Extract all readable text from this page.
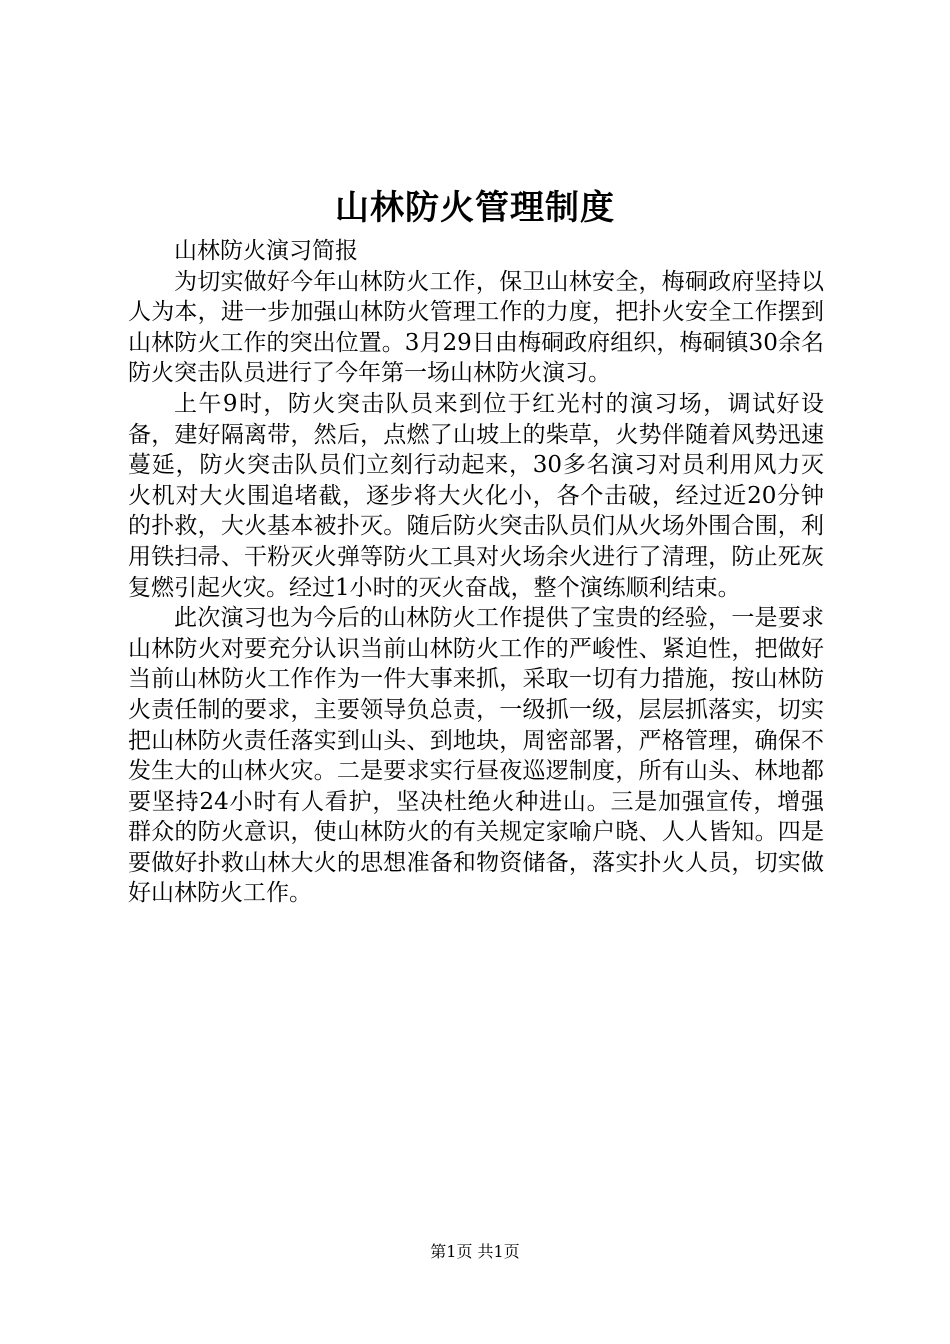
山林防火管理制度

山林防火演习简报

为切实做好今年山林防火工作，保卫山林安全，梅硐政府坚持以人为本，进一步加强山林防火管理工作的力度，把扑火安全工作摆到山林防火工作的突出位置。3月29日由梅硐政府组织，梅硐镇30余名防火突击队员进行了今年第一场山林防火演习。

上午9时，防火突击队员来到位于红光村的演习场，调试好设备，建好隔离带，然后，点燃了山坡上的柴草，火势伴随着风势迅速蔓延，防火突击队员们立刻行动起来，30多名演习对员利用风力灭火机对大火围追堵截，逐步将大火化小，各个击破，经过近20分钟的扑救，大火基本被扑灭。随后防火突击队员们从火场外围合围，利用铁扫帚、干粉灭火弹等防火工具对火场余火进行了清理，防止死灰复燃引起火灾。经过1小时的灭火奋战，整个演练顺利结束。

此次演习也为今后的山林防火工作提供了宝贵的经验，一是要求山林防火对要充分认识当前山林防火工作的严峻性、紧迫性，把做好当前山林防火工作作为一件大事来抓，采取一切有力措施，按山林防火责任制的要求，主要领导负总责，一级抓一级，层层抓落实，切实把山林防火责任落实到山头、到地块，周密部署，严格管理，确保不发生大的山林火灾。二是要求实行昼夜巡逻制度，所有山头、林地都要坚持24小时有人看护，坚决杜绝火种进山。三是加强宣传，增强群众的防火意识，使山林防火的有关规定家喻户晓、人人皆知。四是要做好扑救山林大火的思想准备和物资储备，落实扑火人员，切实做好山林防火工作。

第1页 共1页
